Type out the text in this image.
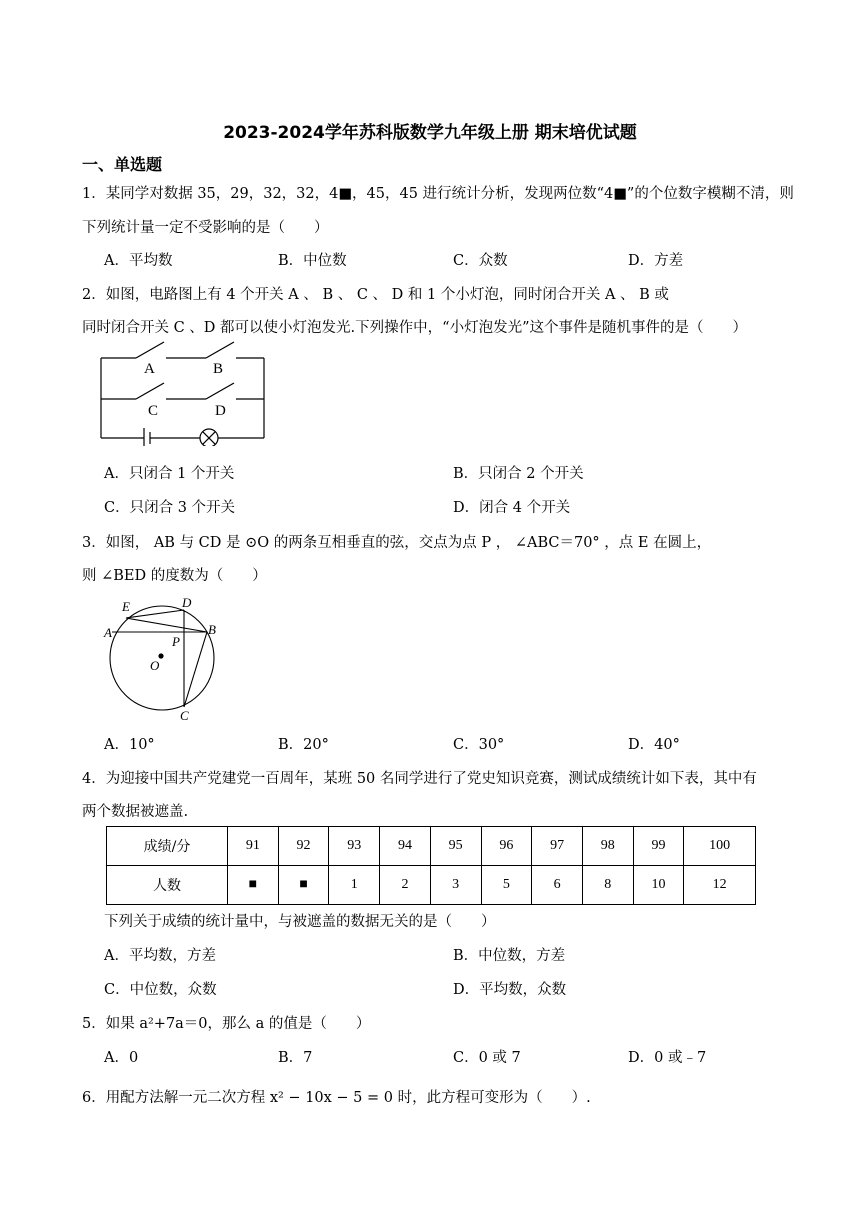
2023-2024学年苏科版数学九年级上册 期末培优试题
一、单选题
1．某同学对数据 35，29，32，32，4■，45，45 进行统计分析，发现两位数“4■”的个位数字模糊不清，则
下列统计量一定不受影响的是（　　）
A．平均数	B．中位数	C．众数	D．方差
2．如图，电路图上有 4 个开关 A 、 B 、 C 、 D 和 1 个小灯泡，同时闭合开关 A 、 B 或
同时闭合开关 C 、D 都可以使小灯泡发光.下列操作中，“小灯泡发光”这个事件是随机事件的是（　　）
A	B
C	D
A．只闭合 1 个开关	B．只闭合 2 个开关
C．只闭合 3 个开关	D．闭合 4 个开关
3．如图， AB 与 CD 是 ⊙O 的两条互相垂直的弦，交点为点 P ， ∠ABC＝70° ，点 E 在圆上，
则 ∠BED 的度数为（　　）
E	D
A
P
B
O
C
A．10°	B．20°	C．30°	D．40°
4．为迎接中国共产党建党一百周年，某班 50 名同学进行了党史知识竞赛，测试成绩统计如下表，其中有
两个数据被遮盖.
成绩/分	91	92	93	94	95	96	97	98	99	100
人数	■	■	1	2	3	5	6	8	10	12
下列关于成绩的统计量中，与被遮盖的数据无关的是（　　）
A．平均数，方差	B．中位数，方差
C．中位数，众数	D．平均数，众数
5．如果 a²+7a＝0，那么 a 的值是（　　）
A．0	B．7	C．0 或 7	D．0 或﹣7
6．用配方法解一元二次方程 x² − 10x − 5 = 0 时，此方程可变形为（　　）.
